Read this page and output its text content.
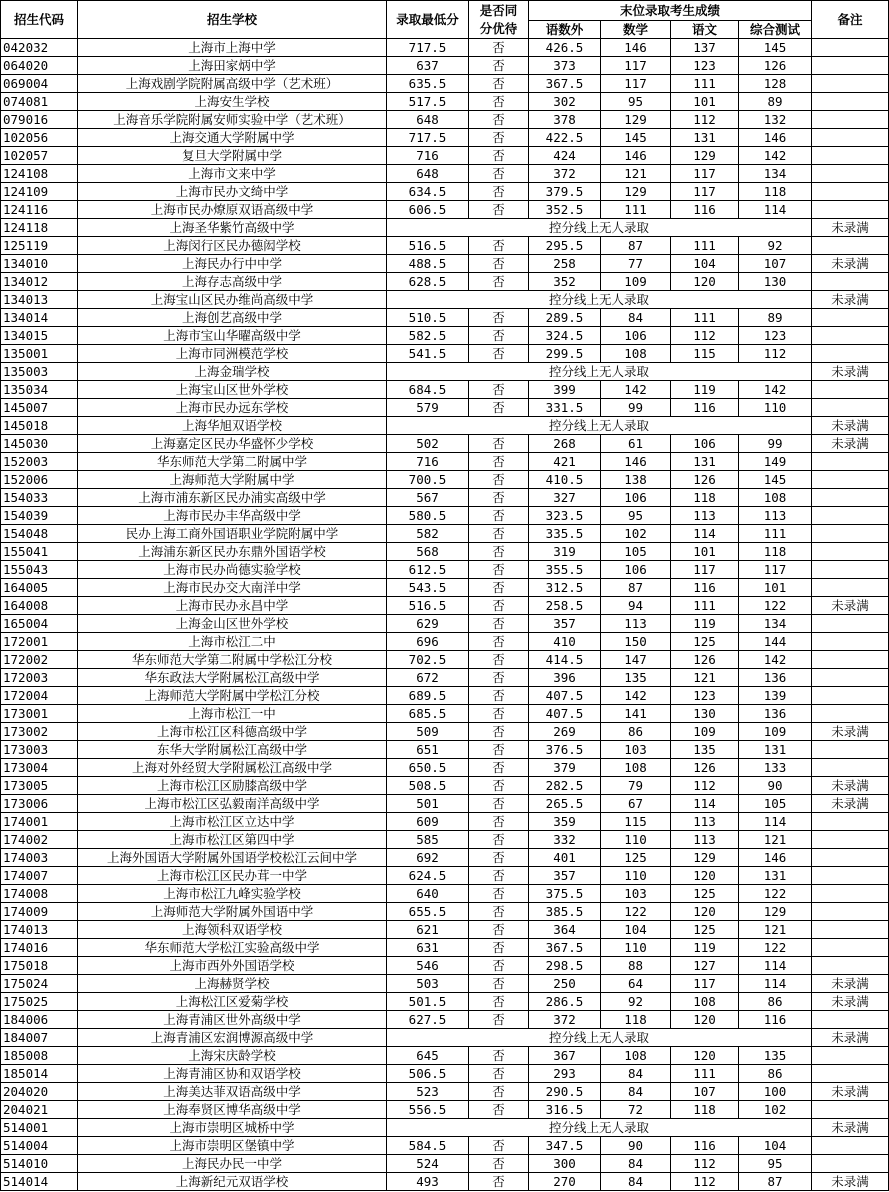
招生代码	招生学校	录取最低分	是否同
分优待	末位录取考生成绩				备注
				语数外	数学	语文	综合测试	
042032	上海市上海中学	717.5	否	426.5	146	137	145	
064020	上海田家炳中学	637	否	373	117	123	126	
069004	上海戏剧学院附属高级中学（艺术班）	635.5	否	367.5	117	111	128	
074081	上海安生学校	517.5	否	302	95	101	89	
079016	上海音乐学院附属安师实验中学（艺术班）	648	否	378	129	112	132	
102056	上海交通大学附属中学	717.5	否	422.5	145	131	146	
102057	复旦大学附属中学	716	否	424	146	129	142	
124108	上海市文来中学	648	否	372	121	117	134	
124109	上海市民办文绮中学	634.5	否	379.5	129	117	118	
124116	上海市民办燎原双语高级中学	606.5	否	352.5	111	116	114	
124118	上海圣华紫竹高级中学	控分线上无人录取						未录满
125119	上海闵行区民办德闳学校	516.5	否	295.5	87	111	92	
134010	上海民办行中中学	488.5	否	258	77	104	107	未录满
134012	上海存志高级中学	628.5	否	352	109	120	130	
134013	上海宝山区民办维尚高级中学	控分线上无人录取						未录满
134014	上海创艺高级中学	510.5	否	289.5	84	111	89	
134015	上海市宝山华曜高级中学	582.5	否	324.5	106	112	123	
135001	上海市同洲模范学校	541.5	否	299.5	108	115	112	
135003	上海金瑞学校	控分线上无人录取						未录满
135034	上海宝山区世外学校	684.5	否	399	142	119	142	
145007	上海市民办远东学校	579	否	331.5	99	116	110	
145018	上海华旭双语学校	控分线上无人录取						未录满
145030	上海嘉定区民办华盛怀少学校	502	否	268	61	106	99	未录满
152003	华东师范大学第二附属中学	716	否	421	146	131	149	
152006	上海师范大学附属中学	700.5	否	410.5	138	126	145	
154033	上海市浦东新区民办浦实高级中学	567	否	327	106	118	108	
154039	上海市民办丰华高级中学	580.5	否	323.5	95	113	113	
154048	民办上海工商外国语职业学院附属中学	582	否	335.5	102	114	111	
155041	上海浦东新区民办东鼎外国语学校	568	否	319	105	101	118	
155043	上海市民办尚德实验学校	612.5	否	355.5	106	117	117	
164005	上海市民办交大南洋中学	543.5	否	312.5	87	116	101	
164008	上海市民办永昌中学	516.5	否	258.5	94	111	122	未录满
165004	上海金山区世外学校	629	否	357	113	119	134	
172001	上海市松江二中	696	否	410	150	125	144	
172002	华东师范大学第二附属中学松江分校	702.5	否	414.5	147	126	142	
172003	华东政法大学附属松江高级中学	672	否	396	135	121	136	
172004	上海师范大学附属中学松江分校	689.5	否	407.5	142	123	139	
173001	上海市松江一中	685.5	否	407.5	141	130	136	
173002	上海市松江区科德高级中学	509	否	269	86	109	109	未录满
173003	东华大学附属松江高级中学	651	否	376.5	103	135	131	
173004	上海对外经贸大学附属松江高级中学	650.5	否	379	108	126	133	
173005	上海市松江区励膝高级中学	508.5	否	282.5	79	112	90	未录满
173006	上海市松江区弘毅南洋高级中学	501	否	265.5	67	114	105	未录满
174001	上海市松江区立达中学	609	否	359	115	113	114	
174002	上海市松江区第四中学	585	否	332	110	113	121	
174003	上海外国语大学附属外国语学校松江云间中学	692	否	401	125	129	146	
174007	上海市松江区民办茸一中学	624.5	否	357	110	120	131	
174008	上海市松江九峰实验学校	640	否	375.5	103	125	122	
174009	上海师范大学附属外国语中学	655.5	否	385.5	122	120	129	
174013	上海领科双语学校	621	否	364	104	125	121	
174016	华东师范大学松江实验高级中学	631	否	367.5	110	119	122	
175018	上海市西外外国语学校	546	否	298.5	88	127	114	
175024	上海赫贤学校	503	否	250	64	117	114	未录满
175025	上海松江区爱菊学校	501.5	否	286.5	92	108	86	未录满
184006	上海青浦区世外高级中学	627.5	否	372	118	120	116	
184007	上海青浦区宏润博源高级中学	控分线上无人录取						未录满
185008	上海宋庆龄学校	645	否	367	108	120	135	
185014	上海青浦区协和双语学校	506.5	否	293	84	111	86	
204020	上海美达菲双语高级中学	523	否	290.5	84	107	100	未录满
204021	上海奉贤区博华高级中学	556.5	否	316.5	72	118	102	
514001	上海市崇明区城桥中学	控分线上无人录取						未录满
514004	上海市崇明区堡镇中学	584.5	否	347.5	90	116	104	
514010	上海民办民一中学	524	否	300	84	112	95	
514014	上海新纪元双语学校	493	否	270	84	112	87	未录满
